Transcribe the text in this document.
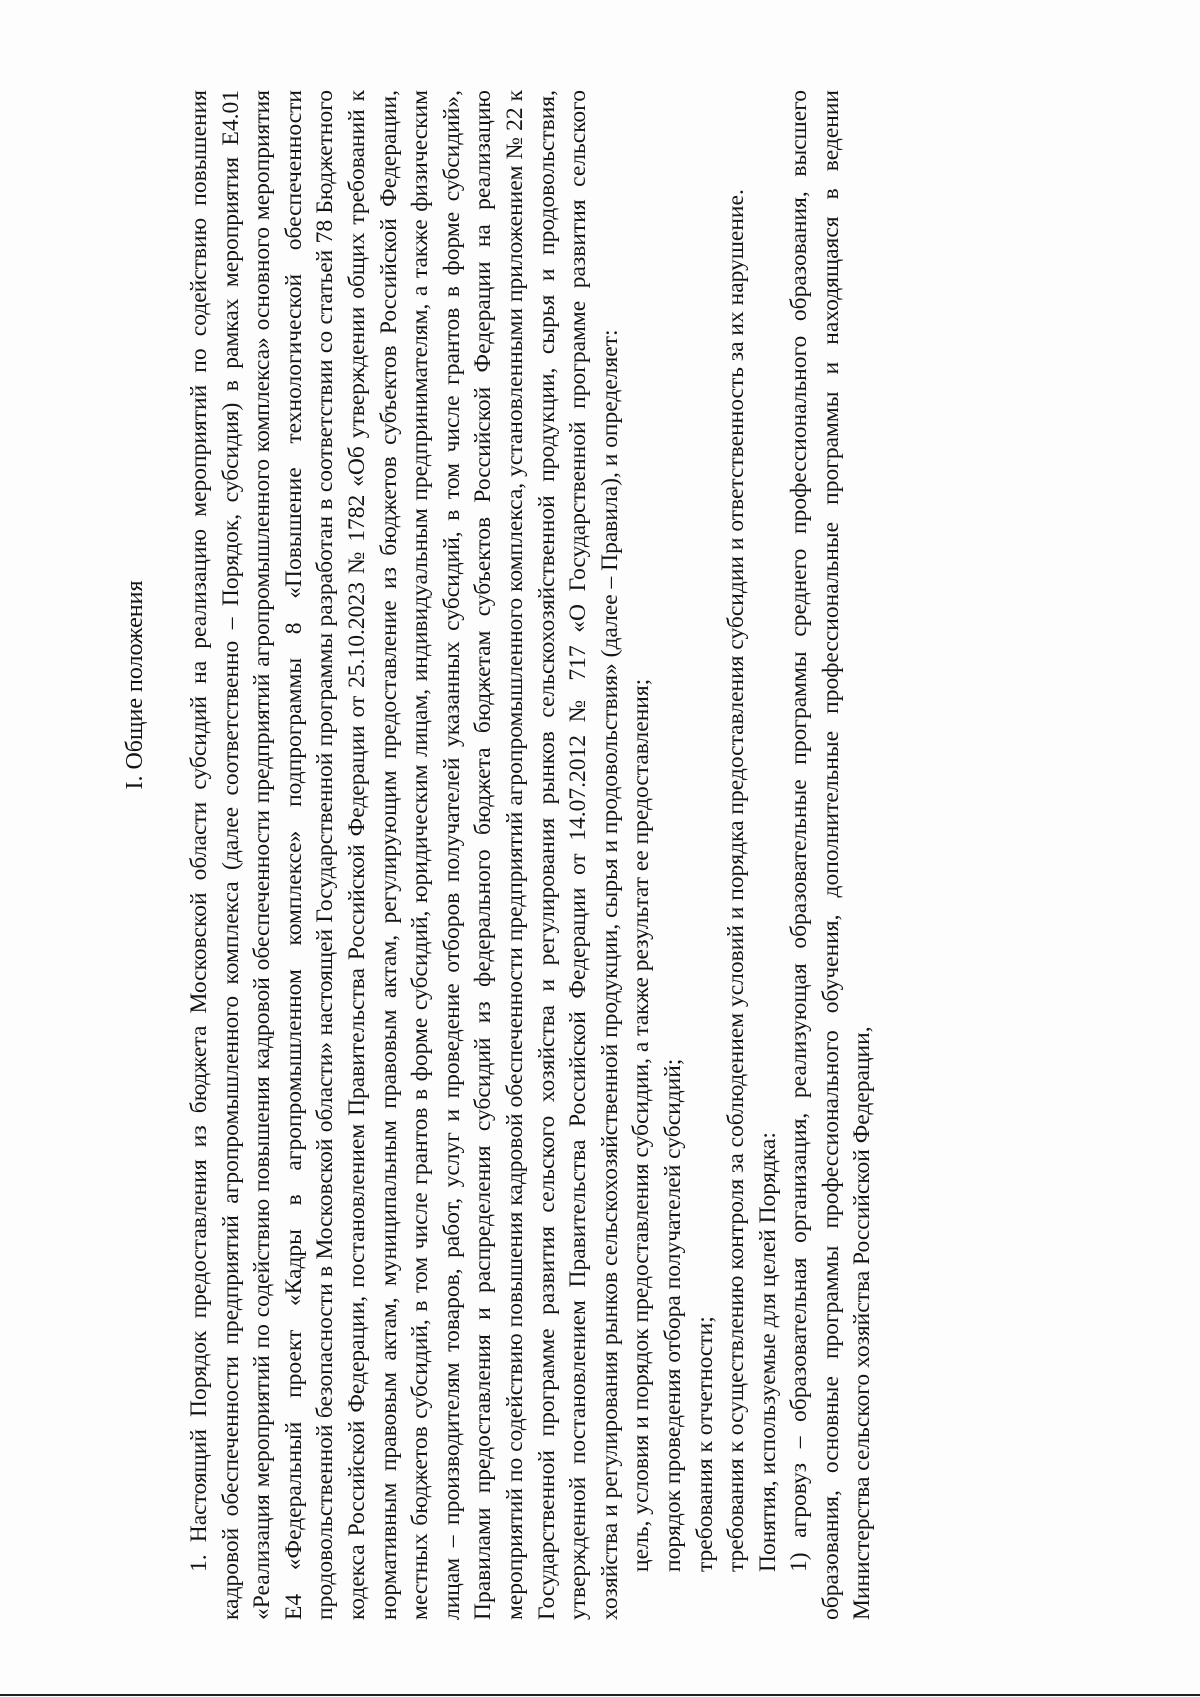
I. Общие положения	1. Настоящий Порядок предоставления из бюджета Московской области субсидий на реализацию мероприятий по содействию повышения кадровой обеспеченности предприятий агропромышленного комплекса (далее соответственно – Порядок, субсидия) в рамках мероприятия Е4.01 «Реализация мероприятий по содействию повышения кадровой обеспеченности предприятий агропромышленного комплекса» основного мероприятия Е4 «Федеральный проект «Кадры в агропромышленном комплексе» подпрограммы 8 «Повышение технологической обеспеченности продовольственной безопасности в Московской области» настоящей Государственной программы разработан в соответствии со статьей 78 Бюджетного кодекса Российской Федерации, постановлением Правительства Российской Федерации от 25.10.2023 № 1782 «Об утверждении общих требований к нормативным правовым актам, муниципальным правовым актам, регулирующим предоставление из бюджетов субъектов Российской Федерации, местных бюджетов субсидий, в том числе грантов в форме субсидий, юридическим лицам, индивидуальным предпринимателям, а также физическим лицам – производителям товаров, работ, услуг и проведение отборов получателей указанных субсидий, в том числе грантов в форме субсидий», Правилами предоставления и распределения субсидий из федерального бюджета бюджетам субъектов Российской Федерации на реализацию мероприятий по содействию повышения кадровой обеспеченности предприятий агропромышленного комплекса, установленными приложением № 22 к Государственной программе развития сельского хозяйства и регулирования рынков сельскохозяйственной продукции, сырья и продовольствия, утвержденной постановлением Правительства Российской Федерации от 14.07.2012 № 717 «О Государственной программе развития сельского хозяйства и регулирования рынков сельскохозяйственной продукции, сырья и продовольствия» (далее – Правила), и определяет: цель, условия и порядок предоставления субсидии, а также результат ее предоставления; порядок проведения отбора получателей субсидий; требования к отчетности; требования к осуществлению контроля за соблюдением условий и порядка предоставления субсидии и ответственность за их нарушение. Понятия, используемые для целей Порядка: 1) агровуз – образовательная организация, реализующая образовательные программы среднего профессионального образования, высшего образования, основные программы профессионального обучения, дополнительные профессиональные программы и находящаяся в ведении Министерства сельского хозяйства Российской Федерации,
